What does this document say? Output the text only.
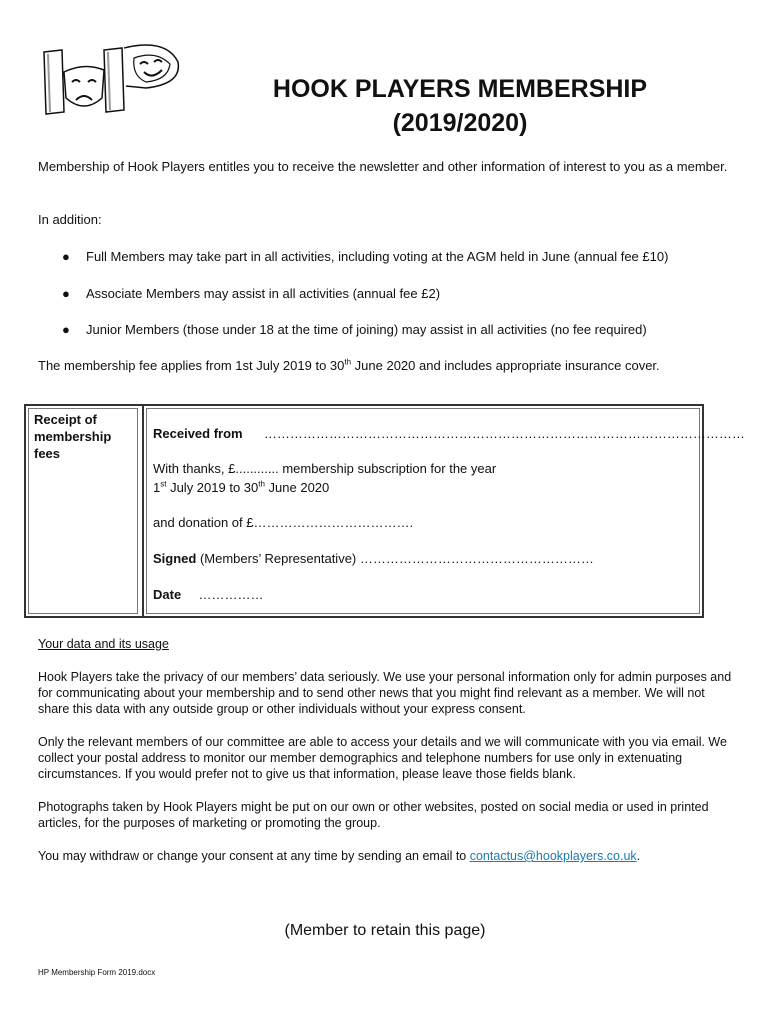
HOOK PLAYERS MEMBERSHIP
(2019/2020)
Membership of Hook Players entitles you to receive the newsletter and other information of interest to you as a member.
In addition:
● Full Members may take part in all activities, including voting at the AGM held in June (annual fee £10)
● Associate Members may assist in all activities (annual fee £2)
● Junior Members (those under 18 at the time of joining) may assist in all activities (no fee required)
The membership fee applies from 1st July 2019 to 30th June 2020 and includes appropriate insurance cover.
Receipt of membership fees
Received from …………………………………………………………………………………………………
With thanks, £............ membership subscription for the year
1st July 2019 to 30th June 2020
and donation of £……………………………….
Signed (Members’ Representative) ………………………………………………
Date ……………
Your data and its usage
Hook Players take the privacy of our members’ data seriously. We use your personal information only for admin purposes and for communicating about your membership and to send other news that you might find relevant as a member. We will not share this data with any outside group or other individuals without your express consent.
Only the relevant members of our committee are able to access your details and we will communicate with you via email. We collect your postal address to monitor our member demographics and telephone numbers for use only in extenuating circumstances. If you would prefer not to give us that information, please leave those fields blank.
Photographs taken by Hook Players might be put on our own or other websites, posted on social media or used in printed articles, for the purposes of marketing or promoting the group.
You may withdraw or change your consent at any time by sending an email to contactus@hookplayers.co.uk.
(Member to retain this page)
HP Membership Form 2019.docx
